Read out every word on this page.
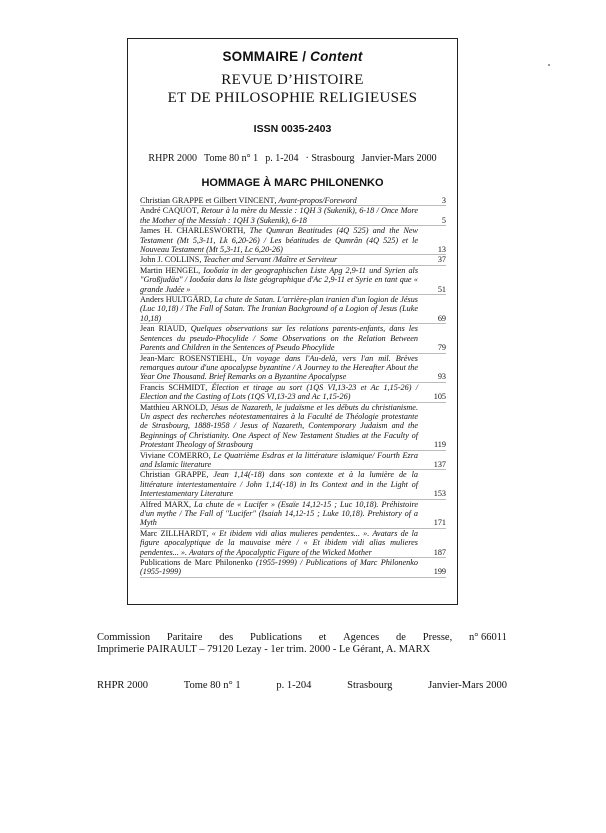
SOMMAIRE / Content
REVUE D’HISTOIRE
ET DE PHILOSOPHIE RELIGIEUSES
ISSN 0035-2403
RHPR 2000 Tome 80 n° 1 p. 1-204 · Strasbourg Janvier-Mars 2000
HOMMAGE À MARC PHILONENKO
Christian GRAPPE et Gilbert VINCENT, Avant-propos/Foreword	3
André CAQUOT, Retour à la mère du Messie : 1QH 3 (Sukenik), 6-18 / Once More the Mother of the Messiah : 1QH 3 (Sukenik), 6-18	5
James H. CHARLESWORTH, The Qumran Beatitudes (4Q 525) and the New Testament (Mt 5,3-11, Lk 6,20-26) / Les béatitudes de Qumrân (4Q 525) et le Nouveau Testament (Mt 5,3-11, Lc 6,20-26)	13
John J. COLLINS, Teacher and Servant /Maître et Serviteur	37
Martin HENGEL, Ιουδαία in der geographischen Liste Apg 2,9-11 und Syrien als "Großjudäa" / Ιουδαία dans la liste géographique d'Ac 2,9-11 et Syrie en tant que « grande Judée »	51
Anders HULTGÅRD, La chute de Satan. L'arrière-plan iranien d'un logion de Jésus (Luc 10,18) / The Fall of Satan. The Iranian Background of a Logion of Jesus (Luke 10,18)	69
Jean RIAUD, Quelques observations sur les relations parents-enfants, dans les Sentences du pseudo-Phocylide / Some Observations on the Relation Between Parents and Children in the Sentences of Pseudo Phocylide	79
Jean-Marc ROSENSTIEHL, Un voyage dans l'Au-delà, vers l'an mil. Brèves remarques autour d'une apocalypse byzantine / A Journey to the Hereafter About the Year One Thousand. Brief Remarks on a Byzantine Apocalypse	93
Francis SCHMIDT, Élection et tirage au sort (1QS VI,13-23 et Ac 1,15-26) / Election and the Casting of Lots (1QS VI,13-23 and Ac 1,15-26)	105
Matthieu ARNOLD, Jésus de Nazareth, le judaïsme et les débuts du christianisme. Un aspect des recherches néotestamentaires à la Faculté de Théologie protestante de Strasbourg, 1888-1958 / Jesus of Nazareth, Contemporary Judaism and the Beginnings of Christianity. One Aspect of New Testament Studies at the Faculty of Protestant Theology of Strasbourg	119
Viviane COMERRO, Le Quatrième Esdras et la littérature islamique/ Fourth Ezra and Islamic literature	137
Christian GRAPPE, Jean 1,14(-18) dans son contexte et à la lumière de la littérature intertestamentaire / John 1,14(-18) in Its Context and in the Light of Intertestamentary Literature	153
Alfred MARX, La chute de « Lucifer » (Esaïe 14,12-15 ; Luc 10,18). Préhistoire d'un mythe / The Fall of "Lucifer" (Isaiah 14,12-15 ; Luke 10,18). Prehistory of a Myth	171
Marc ZILLHARDT, « Et ibidem vidi alias mulieres pendentes... ». Avatars de la figure apocalyptique de la mauvaise mère / « Et ibidem vidi alias mulieres pendentes... ». Avatars of the Apocalyptic Figure of the Wicked Mother	187
Publications de Marc Philonenko (1955-1999) / Publications of Marc Philonenko (1955-1999)	199
Commission Paritaire des Publications et Agences de Presse, n° 66011
Imprimerie PAIRAULT – 79120 Lezay - 1er trim. 2000 - Le Gérant, A. MARX
RHPR 2000	Tome 80 n° 1	p. 1-204	Strasbourg	Janvier-Mars 2000
